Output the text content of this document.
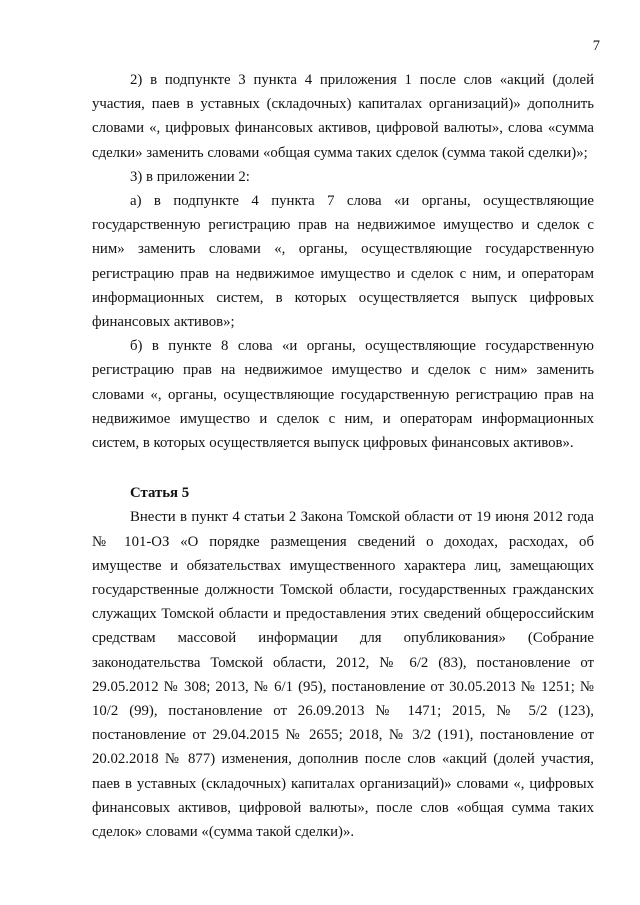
7

2) в подпункте 3 пункта 4 приложения 1 после слов «акций (долей участия, паев в уставных (складочных) капиталах организаций)» дополнить словами «, цифровых финансовых активов, цифровой валюты», слова «сумма сделки» заменить словами «общая сумма таких сделок (сумма такой сделки)»;

3) в приложении 2:

а) в подпункте 4 пункта 7 слова «и органы, осуществляющие государственную регистрацию прав на недвижимое имущество и сделок с ним» заменить словами «, органы, осуществляющие государственную регистрацию прав на недвижимое имущество и сделок с ним, и операторам информационных систем, в которых осуществляется выпуск цифровых финансовых активов»;

б) в пункте 8 слова «и органы, осуществляющие государственную регистрацию прав на недвижимое имущество и сделок с ним» заменить словами «, органы, осуществляющие государственную регистрацию прав на недвижимое имущество и сделок с ним, и операторам информационных систем, в которых осуществляется выпуск цифровых финансовых активов».

Статья 5

Внести в пункт 4 статьи 2 Закона Томской области от 19 июня 2012 года № 101-ОЗ «О порядке размещения сведений о доходах, расходах, об имуществе и обязательствах имущественного характера лиц, замещающих государственные должности Томской области, государственных гражданских служащих Томской области и предоставления этих сведений общероссийским средствам массовой информации для опубликования» (Собрание законодательства Томской области, 2012, № 6/2 (83), постановление от 29.05.2012 № 308; 2013, № 6/1 (95), постановление от 30.05.2013 № 1251; № 10/2 (99), постановление от 26.09.2013 № 1471; 2015, № 5/2 (123), постановление от 29.04.2015 № 2655; 2018, № 3/2 (191), постановление от 20.02.2018 № 877) изменения, дополнив после слов «акций (долей участия, паев в уставных (складочных) капиталах организаций)» словами «, цифровых финансовых активов, цифровой валюты», после слов «общая сумма таких сделок» словами «(сумма такой сделки)».
